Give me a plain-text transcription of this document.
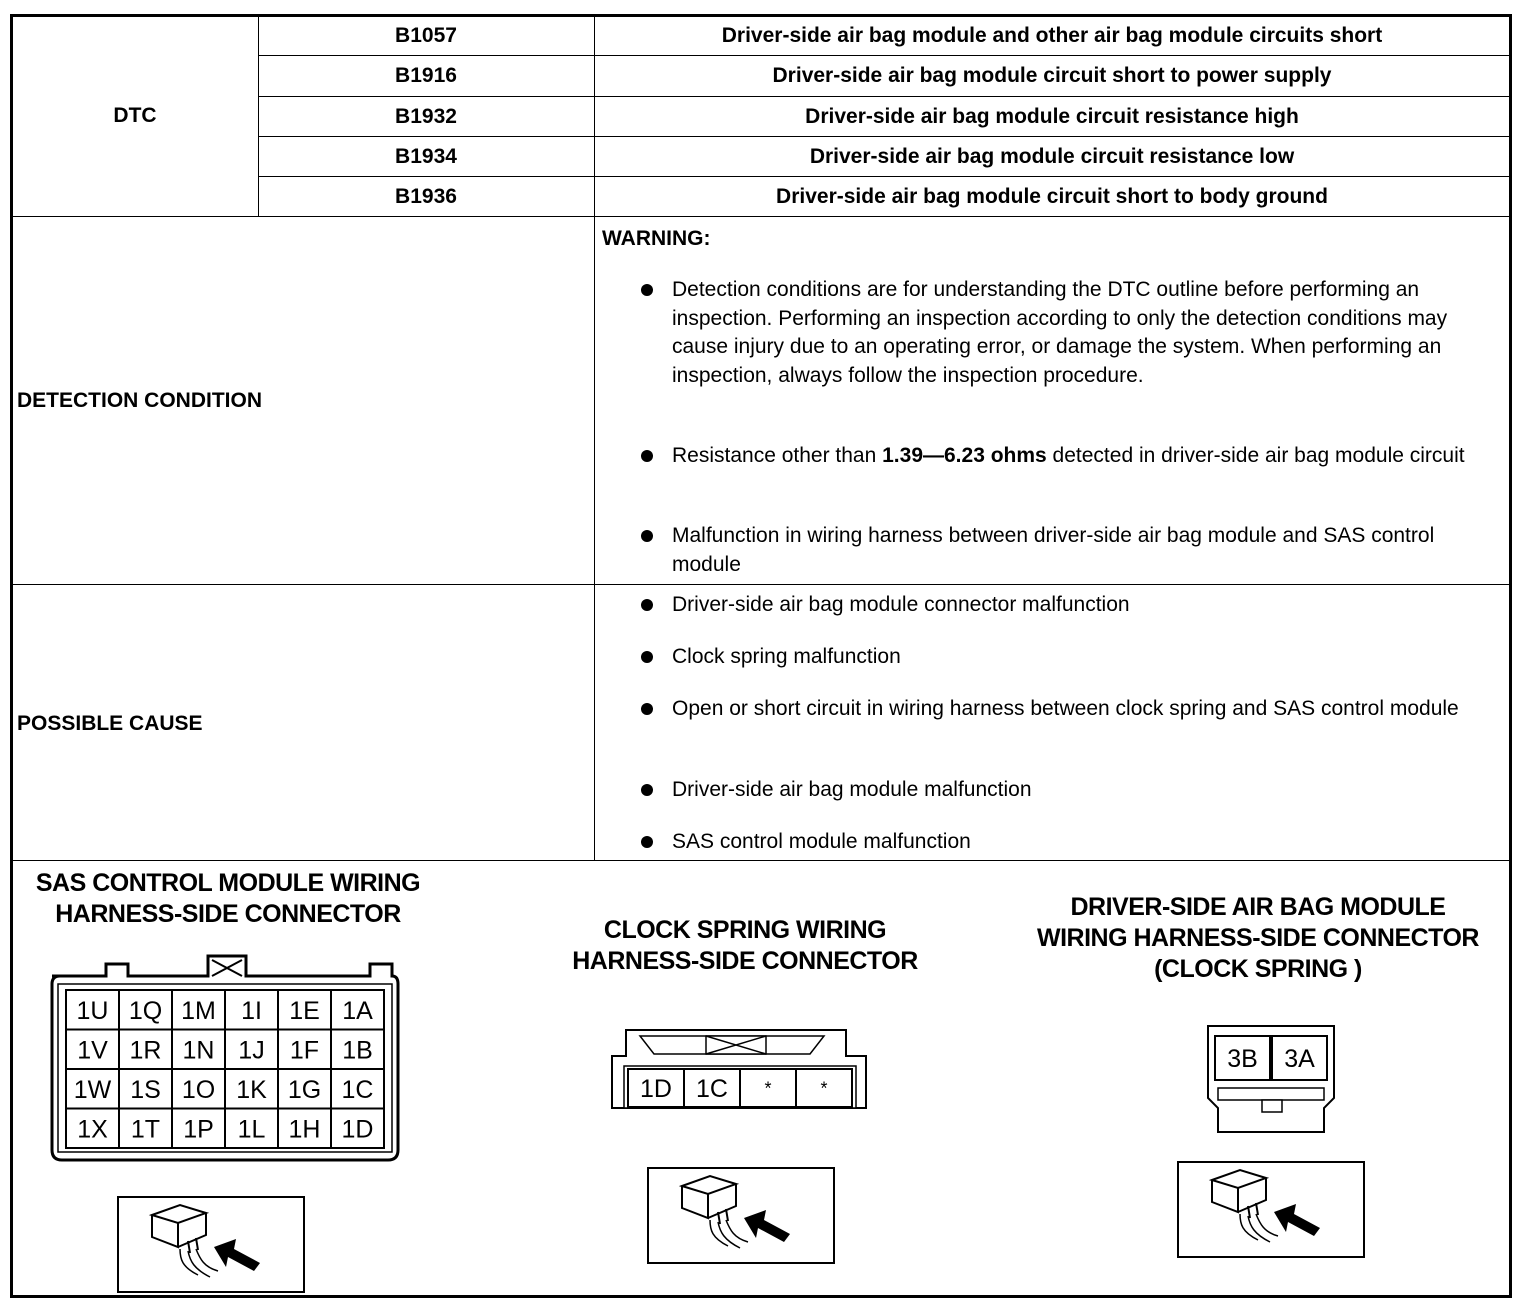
DTC
B1057	Driver-side air bag module and other air bag module circuits short
B1916	Driver-side air bag module circuit short to power supply
B1932	Driver-side air bag module circuit resistance high
B1934	Driver-side air bag module circuit resistance low
B1936	Driver-side air bag module circuit short to body ground
DETECTION CONDITION
WARNING:
Detection conditions are for understanding the DTC outline before performing an inspection. Performing an inspection according to only the detection conditions may cause injury due to an operating error, or damage the system. When performing an inspection, always follow the inspection procedure.
Resistance other than 1.39—6.23 ohms detected in driver-side air bag module circuit
Malfunction in wiring harness between driver-side air bag module and SAS control module
POSSIBLE CAUSE
Driver-side air bag module connector malfunction
Clock spring malfunction
Open or short circuit in wiring harness between clock spring and SAS control module
Driver-side air bag module malfunction
SAS control module malfunction
SAS CONTROL MODULE WIRING
HARNESS-SIDE CONNECTOR
CLOCK SPRING WIRING
HARNESS-SIDE CONNECTOR
DRIVER-SIDE AIR BAG MODULE
WIRING HARNESS-SIDE CONNECTOR
(CLOCK SPRING )
1U 1Q 1M 1I 1E 1A
1V 1R 1N 1J 1F 1B
1W 1S 1O 1K 1G 1C
1X 1T 1P 1L 1H 1D
1D 1C *	*
3B 3A
